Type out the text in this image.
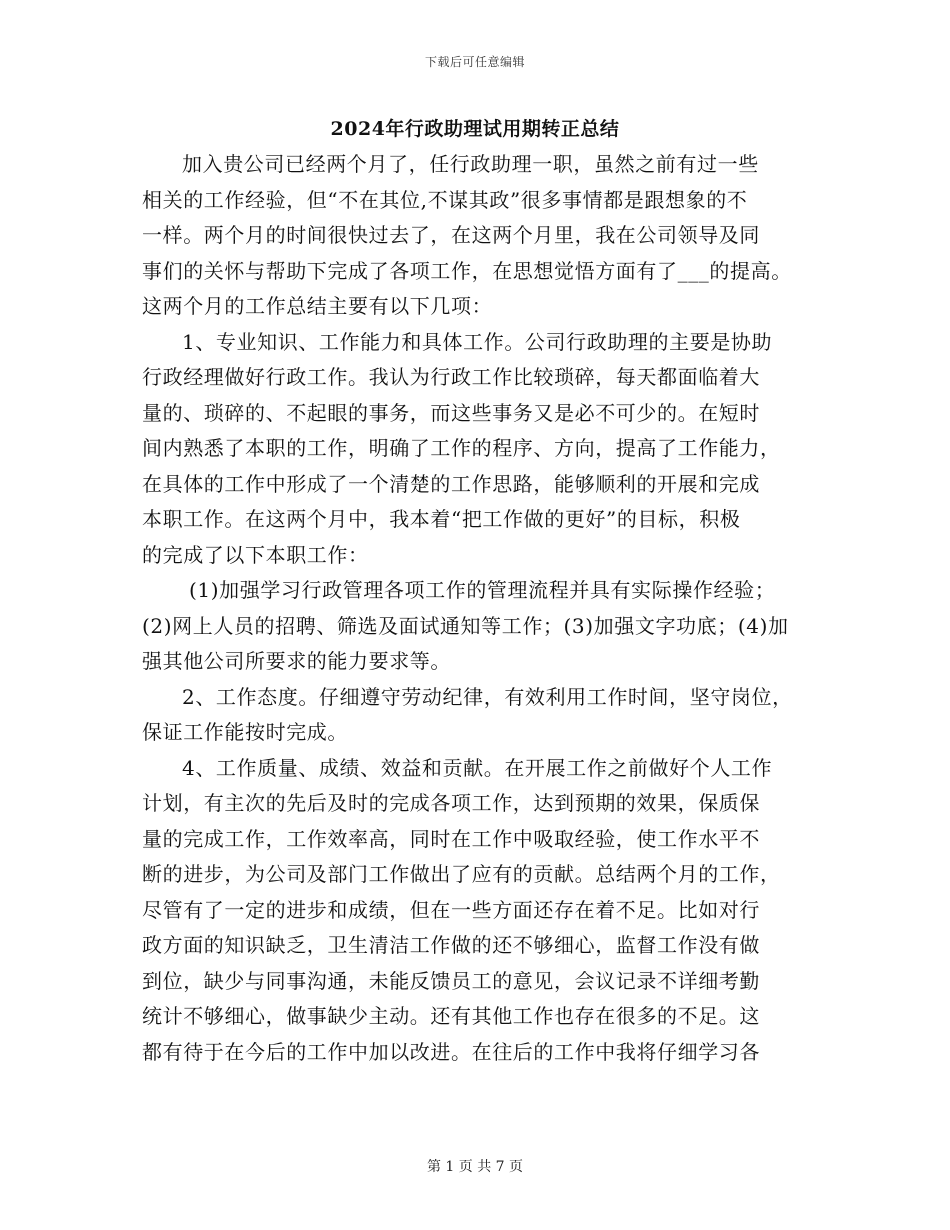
下载后可任意编辑
2024年行政助理试用期转正总结
加入贵公司已经两个月了，任行政助理一职，虽然之前有过一些
相关的工作经验，但“不在其位,不谋其政”很多事情都是跟想象的不
一样。两个月的时间很快过去了，在这两个月里，我在公司领导及同
事们的关怀与帮助下完成了各项工作，在思想觉悟方面有了___的提高。
这两个月的工作总结主要有以下几项：
1、专业知识、工作能力和具体工作。公司行政助理的主要是协助
行政经理做好行政工作。我认为行政工作比较琐碎，每天都面临着大
量的、琐碎的、不起眼的事务，而这些事务又是必不可少的。在短时
间内熟悉了本职的工作，明确了工作的程序、方向，提高了工作能力，
在具体的工作中形成了一个清楚的工作思路，能够顺利的开展和完成
本职工作。在这两个月中，我本着“把工作做的更好”的目标，积极
的完成了以下本职工作：
(1)加强学习行政管理各项工作的管理流程并具有实际操作经验；
(2)网上人员的招聘、筛选及面试通知等工作；(3)加强文字功底；(4)加
强其他公司所要求的能力要求等。
2、工作态度。仔细遵守劳动纪律，有效利用工作时间，坚守岗位，
保证工作能按时完成。
4、工作质量、成绩、效益和贡献。在开展工作之前做好个人工作
计划，有主次的先后及时的完成各项工作，达到预期的效果，保质保
量的完成工作，工作效率高，同时在工作中吸取经验，使工作水平不
断的进步，为公司及部门工作做出了应有的贡献。总结两个月的工作，
尽管有了一定的进步和成绩，但在一些方面还存在着不足。比如对行
政方面的知识缺乏，卫生清洁工作做的还不够细心，监督工作没有做
到位，缺少与同事沟通，未能反馈员工的意见，会议记录不详细考勤
统计不够细心，做事缺少主动。还有其他工作也存在很多的不足。这
都有待于在今后的工作中加以改进。在往后的工作中我将仔细学习各
第 1 页 共 7 页
